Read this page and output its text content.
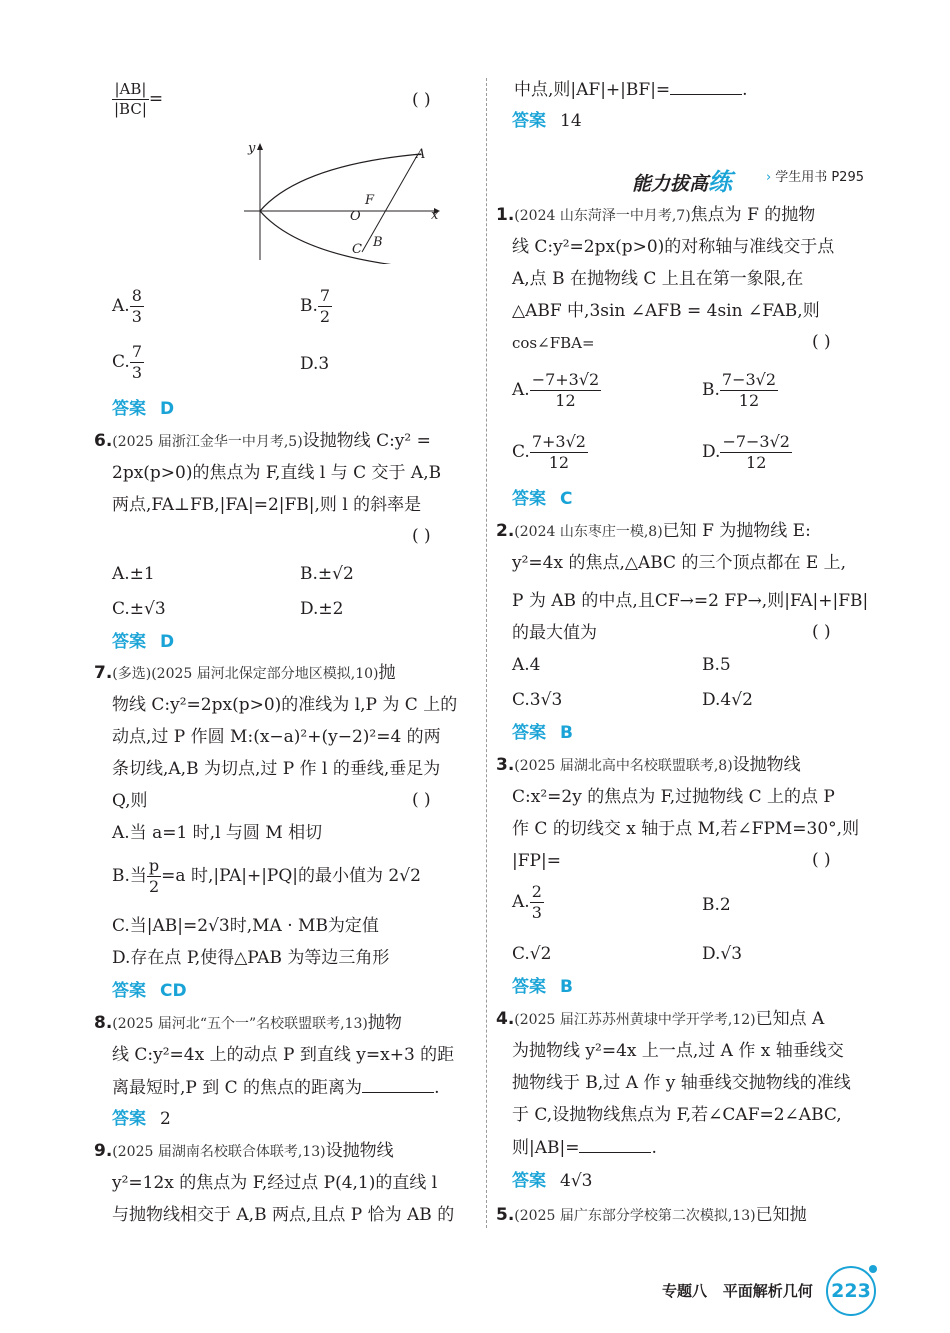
$\frac{|AB|}{|BC|}$ =	( )
y	A
F
O	x
C B
A. $\frac{8}{3}$	B. $\frac{7}{2}$
C. $\frac{7}{3}$	D.3
答案 D
6.(2025 届浙江金华一中月考,5)设抛物线 C:y² =
2px(p>0)的焦点为 F,直线 l 与 C 交于 A,B
两点,FA⊥FB,|FA|=2|FB|,则 l 的斜率是
( )
A.±1	B.±√2
C.±√3	D.±2
答案 D
7.(多选)(2025 届河北保定部分地区模拟,10)抛
物线 C:y²=2px(p>0)的准线为 l,P 为 C 上的
动点,过 P 作圆 M:(x−a)²+(y−2)²=4 的两
条切线,A,B 为切点,过 P 作 l 的垂线,垂足为
Q,则	( )
A.当 a=1 时,l 与圆 M 相切
B.当 $\frac{p}{2} =a$ 时,|PA|+|PQ|的最小值为 2√2
C.当|AB|=2√3时,MA · MB为定值
D.存在点 P,使得△PAB 为等边三角形
答案 CD
8.(2025 届河北“五个一”名校联盟联考,13)抛物
线 C:y²=4x 上的动点 P 到直线 y=x+3 的距
离最短时,P 到 C 的焦点的距离为	.
答案 2
9.(2025 届湖南名校联合体联考,13)设抛物线
y²=12x 的焦点为 F,经过点 P(4,1)的直线 l
与抛物线相交于 A,B 两点,且点 P 恰为 AB 的
中点,则|AF|+|BF|=	.
答案 14
1.(2024 山东菏泽一中月考,7)焦点为 F 的抛物
线 C:y²=2px(p>0)的对称轴与准线交于点
A,点 B 在抛物线 C 上且在第一象限,在
△ABF 中,3sin ∠AFB = 4sin ∠FAB,则
cos∠FBA=	( )
A. $\frac{-7+3√2}{12}$	B. $\frac{7-3√2}{12}$
C. $\frac{7+3√2}{12}$	D. $\frac{-7-3√2}{12}$
答案 C
2.(2024 山东枣庄一模,8)已知 F 为抛物线 E:
y²=4x 的焦点,△ABC 的三个顶点都在 E 上,
P 为 AB 的中点,且CF→=2 FP→,则|FA|+|FB|
的最大值为	( )
A.4	B.5
C.3√3	D.4√2
答案 B
3.(2025 届湖北高中名校联盟联考,8)设抛物线
C:x²=2y 的焦点为 F,过抛物线 C 上的点 P
作 C 的切线交 x 轴于点 M,若∠FPM=30°,则
|FP|=	( )
A. $\frac{2}{3}$	B.2
C.√2	D.√3
答案 B
4.(2025 届江苏苏州黄埭中学开学考,12)已知点 A
为抛物线 y²=4x 上一点,过 A 作 x 轴垂线交
抛物线于 B,过 A 作 y 轴垂线交抛物线的准线
于 C,设抛物线焦点为 F,若∠CAF=2∠ABC,
则|AB|=	.
答案 4√3
5.(2025 届广东部分学校第二次模拟,13)已知抛
能力拔高练	› 学生用书 P295
专题八 平面解析几何 223
